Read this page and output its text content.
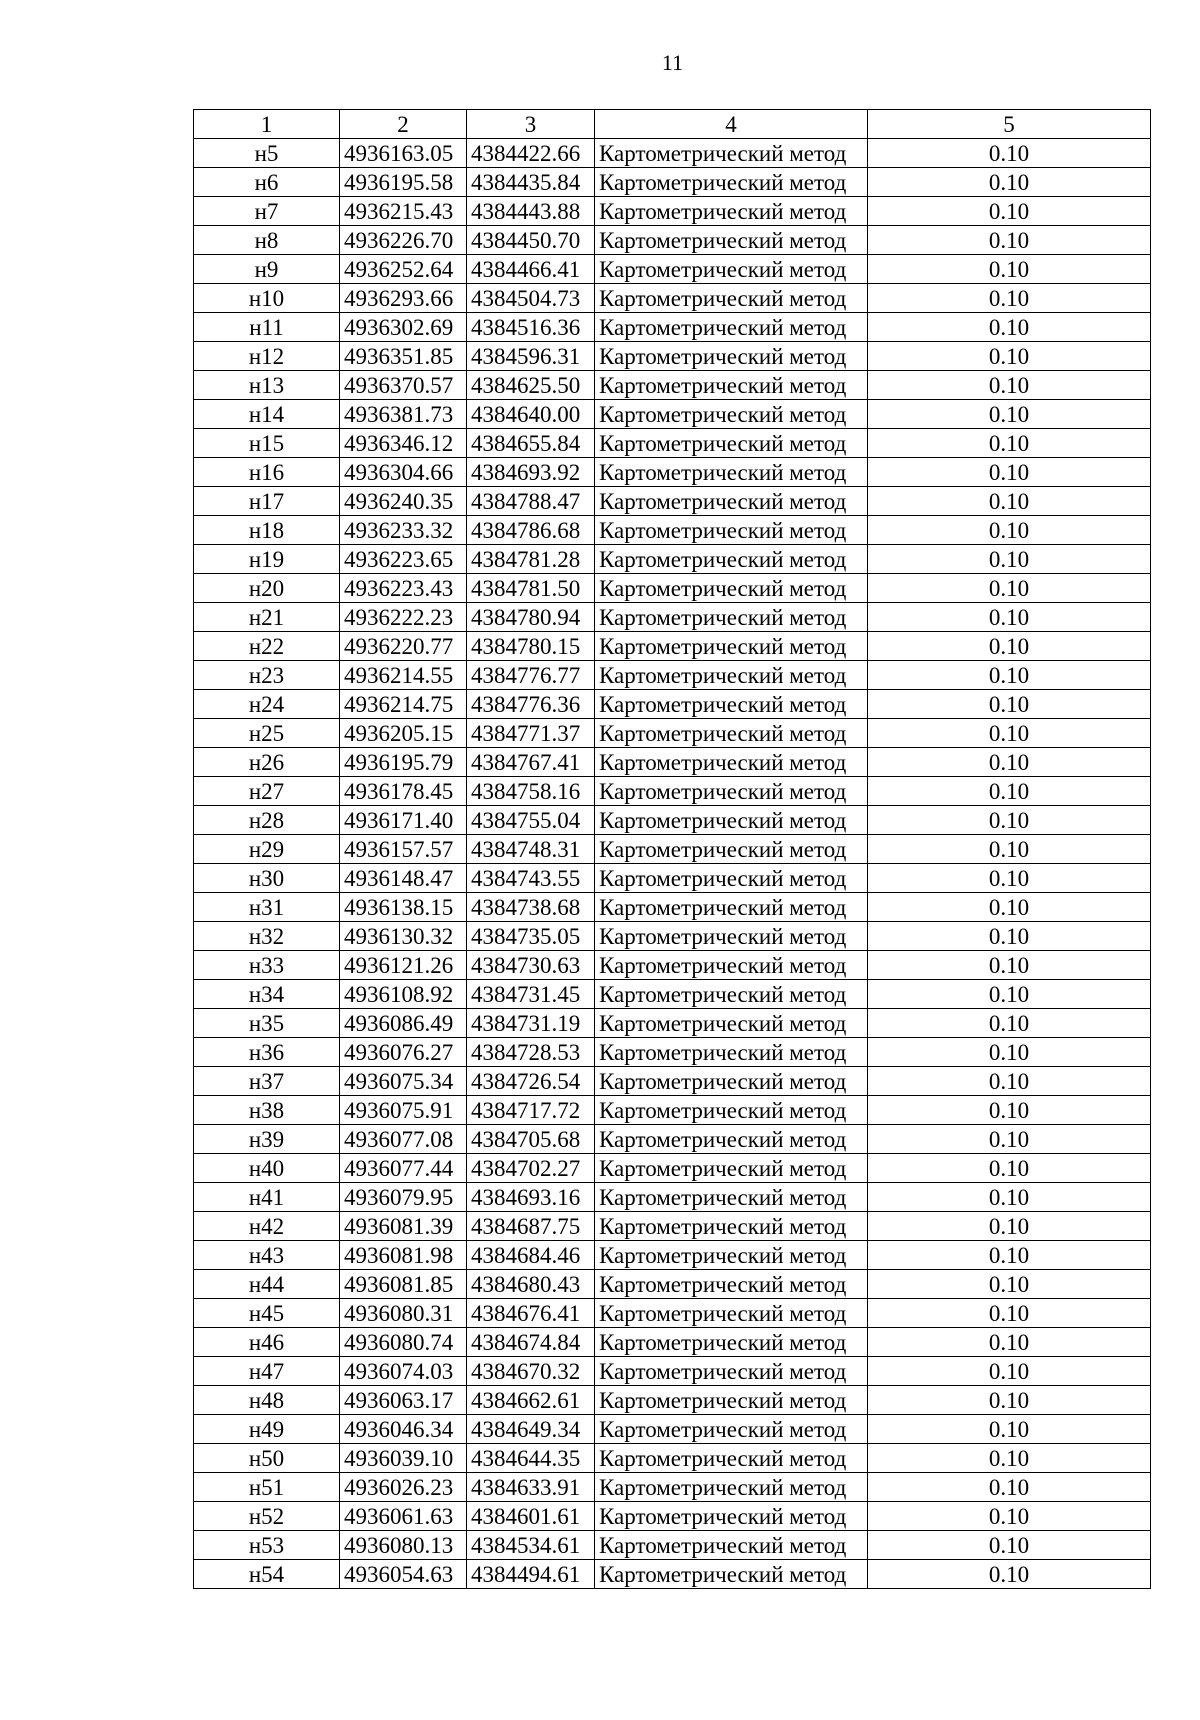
11
1	2	3	4	5
н5	4936163.05	4384422.66	Картометрический метод	0.10
н6	4936195.58	4384435.84	Картометрический метод	0.10
н7	4936215.43	4384443.88	Картометрический метод	0.10
н8	4936226.70	4384450.70	Картометрический метод	0.10
н9	4936252.64	4384466.41	Картометрический метод	0.10
н10	4936293.66	4384504.73	Картометрический метод	0.10
н11	4936302.69	4384516.36	Картометрический метод	0.10
н12	4936351.85	4384596.31	Картометрический метод	0.10
н13	4936370.57	4384625.50	Картометрический метод	0.10
н14	4936381.73	4384640.00	Картометрический метод	0.10
н15	4936346.12	4384655.84	Картометрический метод	0.10
н16	4936304.66	4384693.92	Картометрический метод	0.10
н17	4936240.35	4384788.47	Картометрический метод	0.10
н18	4936233.32	4384786.68	Картометрический метод	0.10
н19	4936223.65	4384781.28	Картометрический метод	0.10
н20	4936223.43	4384781.50	Картометрический метод	0.10
н21	4936222.23	4384780.94	Картометрический метод	0.10
н22	4936220.77	4384780.15	Картометрический метод	0.10
н23	4936214.55	4384776.77	Картометрический метод	0.10
н24	4936214.75	4384776.36	Картометрический метод	0.10
н25	4936205.15	4384771.37	Картометрический метод	0.10
н26	4936195.79	4384767.41	Картометрический метод	0.10
н27	4936178.45	4384758.16	Картометрический метод	0.10
н28	4936171.40	4384755.04	Картометрический метод	0.10
н29	4936157.57	4384748.31	Картометрический метод	0.10
н30	4936148.47	4384743.55	Картометрический метод	0.10
н31	4936138.15	4384738.68	Картометрический метод	0.10
н32	4936130.32	4384735.05	Картометрический метод	0.10
н33	4936121.26	4384730.63	Картометрический метод	0.10
н34	4936108.92	4384731.45	Картометрический метод	0.10
н35	4936086.49	4384731.19	Картометрический метод	0.10
н36	4936076.27	4384728.53	Картометрический метод	0.10
н37	4936075.34	4384726.54	Картометрический метод	0.10
н38	4936075.91	4384717.72	Картометрический метод	0.10
н39	4936077.08	4384705.68	Картометрический метод	0.10
н40	4936077.44	4384702.27	Картометрический метод	0.10
н41	4936079.95	4384693.16	Картометрический метод	0.10
н42	4936081.39	4384687.75	Картометрический метод	0.10
н43	4936081.98	4384684.46	Картометрический метод	0.10
н44	4936081.85	4384680.43	Картометрический метод	0.10
н45	4936080.31	4384676.41	Картометрический метод	0.10
н46	4936080.74	4384674.84	Картометрический метод	0.10
н47	4936074.03	4384670.32	Картометрический метод	0.10
н48	4936063.17	4384662.61	Картометрический метод	0.10
н49	4936046.34	4384649.34	Картометрический метод	0.10
н50	4936039.10	4384644.35	Картометрический метод	0.10
н51	4936026.23	4384633.91	Картометрический метод	0.10
н52	4936061.63	4384601.61	Картометрический метод	0.10
н53	4936080.13	4384534.61	Картометрический метод	0.10
н54	4936054.63	4384494.61	Картометрический метод	0.10
